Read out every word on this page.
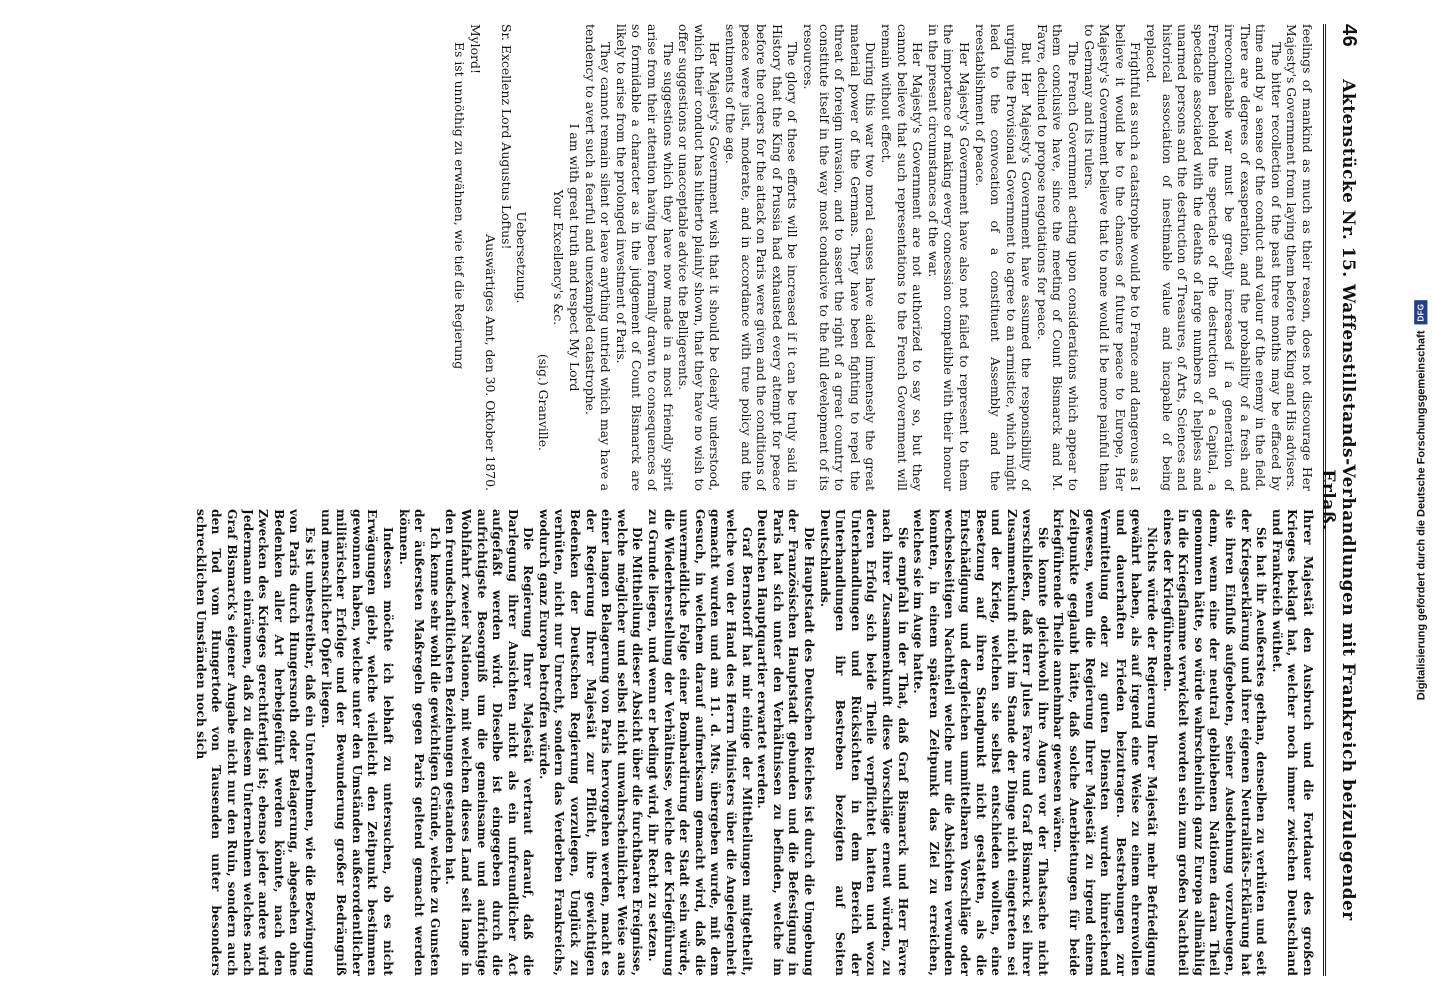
46
Aktenstücke Nr. 15. Waffenstillstands-Verhandlungen mit Frankreich beizulegender Erlaß.

feelings of mankind as much as their reason, does not discourage Her Majesty's Government from laying them before the King and His advisers.

The bitter recollection of the past three months may be effaced by time and by a sense of the conduct and valour of the enemy in the field. There are degrees of exasperation, and the probability of a fresh and irreconcileable war must be greatly increased if a generation of Frenchmen behold the spectacle of the destruction of a Capital, a spectacle associated with the deaths of large numbers of helpless and unarmed persons and the destruction of Treasures, of Arts, Sciences and historical association of inestimable value and incapable of being replaced.

Frightful as such a catastrophe would be to France and dangerous as I believe it would be to the chances of future peace to Europe, Her Majesty's Government believe that to none would it be more painful than to Germany and its rulers.

The French Government acting upon considerations which appear to them conclusive have, since the meeting of Count Bismarck and M. Favre, declined to propose negotiations for peace.

But Her Majesty's Government have assumed the responsibility of urging the Provisional Government to agree to an armistice, which might lead to the convocation of a constituent Assembly and the reestablishment of peace.

Her Majesty's Government have also not failed to represent to them the importance of making every concession compatible with their honour in the present circumstances of the war.

Her Majesty's Government are not authorized to say so, but they cannot believe that such representations to the French Government will remain without effect.

During this war two moral causes have aided immensely the great material power of the Germans. They have been fighting to repel the threat of foreign invasion, and to assert the right of a great country to constitute itself in the way most conducive to the full development of its resources.

The glory of these efforts will be increased if it can be truly said in History that the King of Prussia had exhausted every attempt for peace before the orders for the attack on Paris were given and the conditions of peace were just, moderate, and in accordance with true policy and the sentiments of the age.

Her Majesty's Government wish that it should be clearly understood, which their conduct has hitherto plainly shown, that they have no wish to offer suggestions or unacceptable advice the Belligerents.

The suggestions which they have now made in a most friendly spirit arise from their attention having been formally drawn to consequences of so formidable a character as in the judgement of Count Bismarck are likely to arise from the prolonged investment of Paris.

They cannot remain silent or leave anything untried which may have a tendency to avert such a fearful and unexampled catastrophe.

I am with great truth and respect My Lord

Your Excellency's &c.

(sig.) Granville.

Uebersetzung.

Sr. Excellenz Lord Augustus Loftus!

Auswärtiges Amt, den 30. Oktober 1870.

Mylord!

Es ist unnöthig zu erwähnen, wie tief die Regierung

Ihrer Majestät den Ausbruch und die Fortdauer des großen Krieges beklagt hat, welcher noch immer zwischen Deutschland und Frankreich wüthet.

Sie hat ihr Aeußerstes gethan, denselben zu verhüten und seit der Kriegserklärung und ihrer eigenen Neutralitäts-Erklärung hat sie ihren Einfluß aufgeboten, seiner Ausdehnung vorzubeugen, denn, wenn eine der neutral gebliebenen Nationen daran Theil genommen hätte, so würde wahrscheinlich ganz Europa allmählig in die Kriegsflamme verwickelt worden sein zum großen Nachtheil eines der Kriegführenden.

Nichts würde der Regierung Ihrer Majestät mehr Befriedigung gewährt haben, als auf irgend eine Weise zu einem ehrenvollen und dauerhaften Frieden beizutragen. Bestrebungen zur Vermittelung oder zu guten Diensten wurden hinreichend gewesen, wenn die Regierung Ihrer Majestät zu irgend einem Zeitpunkte geglaubt hätte, daß solche Anerbietungen für beide kriegführende Theile annehmbar gewesen wären.

Sie konnte gleichwohl ihre Augen vor der Thatsache nicht verschließen, daß Herr Jules Favre und Graf Bismarck sei ihrer Zusammenkunft nicht im Stande der Dinge nicht eingetreten sei und der Krieg, welchen sie selbst entschieden wollten, eine Besetzung auf ihren Standpunkt nicht gestatten, als die Entschädigung und dergleichen unmittelbaren Vorschläge oder wechselseitigen Nachtheil welche nur die Absichten verwunden konnten, in einem späteren Zeitpunkt das Ziel zu erreichen, welches sie im Auge hatte.

Sie empfahl in der That, daß Graf Bismarck und Herr Favre nach ihrer Zusammenkunft diese Vorschläge erneut würden, zu deren Erfolg sich beide Theile verpflichtet hatten und wozu Unterhandlungen und Rücksichten in dem Bereich der Unterhandlungen ihr Bestreben bezeigten auf Seiten Deutschlands.

Die Hauptstadt des Deutschen Reiches ist durch die Umgebung der Französischen Hauptstadt gebunden und die Befestigung in Paris hat sich unter den Verhältnissen zu befinden, welche im Deutschen Hauptquartier erwartet werden.

Graf Bernstorff hat mir einige der Mittheilungen mitgetheilt, welche von der Hand des Herrn Ministers über die Angelegenheit gemacht wurden und am 11. d. Mts. übergeben wurde, mit dem Gesuch, in welchem darauf aufmerksam gemacht wird, daß die unvermeidliche Folge einer Bombardirung der Stadt sein würde, die Wiederherstellung der Verhältnisse, welche der Kriegführung zu Grunde liegen, und wenn er bedingt wird, ihr Recht zu setzen.

Die Mittheilung dieser Absicht über die furchtbaren Ereignisse, welche möglicher und selbst nicht unwahrscheinlicher Weise aus einer langen Belagerung von Paris hervorgehen werden, macht es der Regierung Ihrer Majestät zur Pflicht, ihre gewichtigen Bedenken der Deutschen Regierung vorzulegen, Unglück zu verhüten, nicht nur Unrecht, sondern das Verderben Frankreichs, wodurch ganz Europa betroffen würde.

Die Regierung Ihrer Majestät vertraut darauf, daß die Darlegung ihrer Ansichten nicht als ein unfreundlicher Act aufgefaßt werden wird. Dieselbe ist eingegeben durch die aufrichtigste Besorgniß um die gemeinsame und aufrichtige Wohlfahrt zweier Nationen, mit welchen dieses Land seit lange in den freundschaftlichsten Beziehungen gestanden hat.

Ich kenne sehr wohl die gewichtigen Gründe, welche zu Gunsten der äußersten Maßregeln gegen Paris geltend gemacht werden können.

Indessen möchte ich lebhaft zu untersuchen, ob es nicht Erwägungen giebt, welche vielleicht den Zeitpunkt bestimmen gewonnen haben, welche unter den Umständen außerordentlicher militärischer Erfolge und der Bewunderung großer Bedrängniß und menschlicher Opfer liegen.

Es ist unbestreitbar, daß ein Unternehmen, wie die Bezwingung von Paris durch Hungersnoth oder Belagerung, abgesehen ohne Bedenken aller Art herbeigeführt werden könnte, nach den Zwecken des Krieges gerechtfertigt ist; ebenso jeder andere wird Jedermann einräumen, daß zu diesem Unternehmen welches nach Graf Bismarck's eigener Angabe nicht nur den Ruin, sondern auch den Tod vom Hungertode von Tausenden unter besonders schrecklichen Umständen noch sich	Digitalisierung gefördert durch die Deutsche Forschungsgemeinschaft
DFG
